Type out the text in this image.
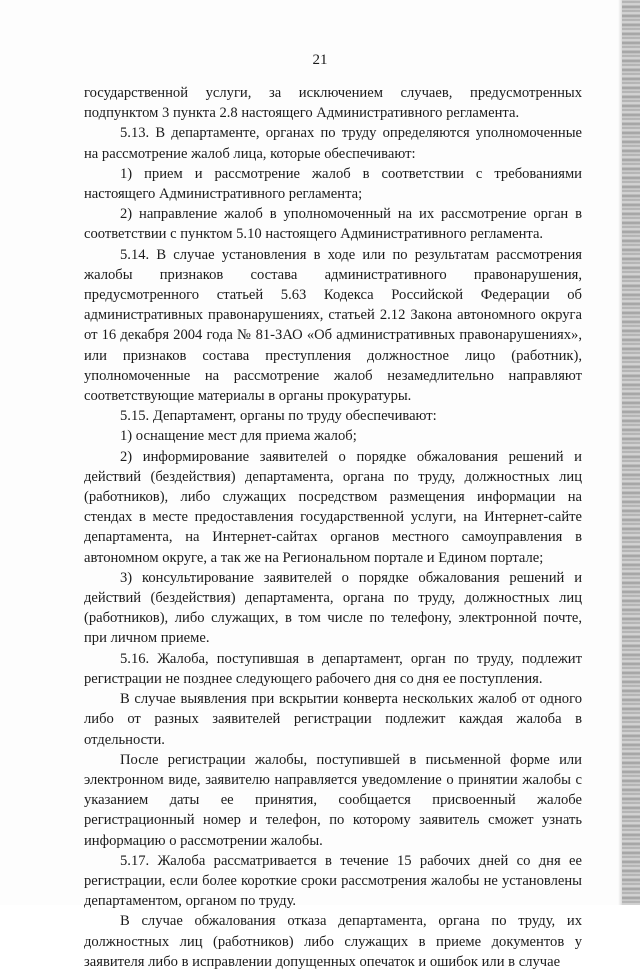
21

государственной услуги, за исключением случаев, предусмотренных подпунктом 3 пункта 2.8 настоящего Административного регламента.

5.13. В департаменте, органах по труду определяются уполномоченные на рассмотрение жалоб лица, которые обеспечивают:

1) прием и рассмотрение жалоб в соответствии с требованиями настоящего Административного регламента;

2) направление жалоб в уполномоченный на их рассмотрение орган в соответствии с пунктом 5.10 настоящего Административного регламента.

5.14. В случае установления в ходе или по результатам рассмотрения жалобы признаков состава административного правонарушения, предусмотренного статьей 5.63 Кодекса Российской Федерации об административных правонарушениях, статьей 2.12 Закона автономного округа от 16 декабря 2004 года № 81-ЗАО «Об административных правонарушениях», или признаков состава преступления должностное лицо (работник), уполномоченные на рассмотрение жалоб незамедлительно направляют соответствующие материалы в органы прокуратуры.

5.15. Департамент, органы по труду обеспечивают:

1) оснащение мест для приема жалоб;

2) информирование заявителей о порядке обжалования решений и действий (бездействия) департамента, органа по труду, должностных лиц (работников), либо служащих посредством размещения информации на стендах в месте предоставления государственной услуги, на Интернет-сайте департамента, на Интернет-сайтах органов местного самоуправления в автономном округе, а так же на Региональном портале и Едином портале;

3) консультирование заявителей о порядке обжалования решений и действий (бездействия) департамента, органа по труду, должностных лиц (работников), либо служащих, в том числе по телефону, электронной почте, при личном приеме.

5.16. Жалоба, поступившая в департамент, орган по труду, подлежит регистрации не позднее следующего рабочего дня со дня ее поступления.

В случае выявления при вскрытии конверта нескольких жалоб от одного либо от разных заявителей регистрации подлежит каждая жалоба в отдельности.

После регистрации жалобы, поступившей в письменной форме или электронном виде, заявителю направляется уведомление о принятии жалобы с указанием даты ее принятия, сообщается присвоенный жалобе регистрационный номер и телефон, по которому заявитель сможет узнать информацию о рассмотрении жалобы.

5.17. Жалоба рассматривается в течение 15 рабочих дней со дня ее регистрации, если более короткие сроки рассмотрения жалобы не установлены департаментом, органом по труду.

В случае обжалования отказа департамента, органа по труду, их должностных лиц (работников) либо служащих в приеме документов у заявителя либо в исправлении допущенных опечаток и ошибок или в случае
